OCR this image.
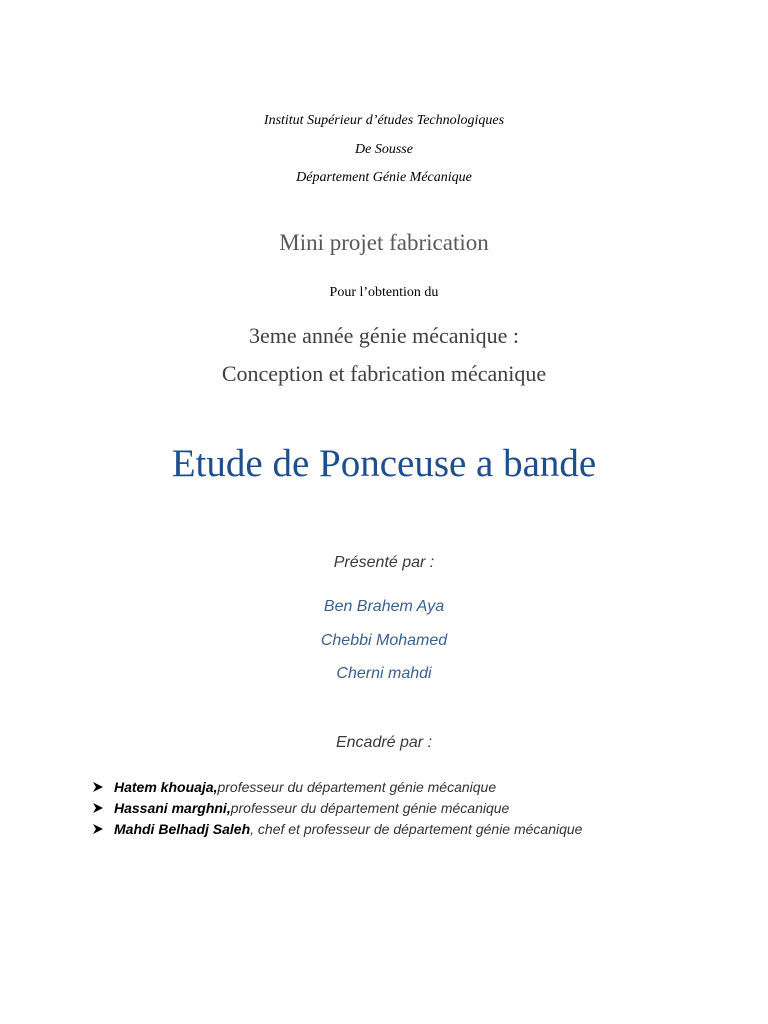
Institut Supérieur d’études Technologiques
De Sousse
Département Génie Mécanique
Mini projet fabrication
Pour l’obtention du
3eme année génie mécanique :
Conception et fabrication mécanique
Etude de Ponceuse a bande
Présenté par :
Ben Brahem Aya
Chebbi Mohamed
Cherni mahdi
Encadré par :
Hatem khouaja, professeur du département génie mécanique
Hassani marghni, professeur du département génie mécanique
Mahdi Belhadj Saleh , chef et professeur de département génie mécanique
